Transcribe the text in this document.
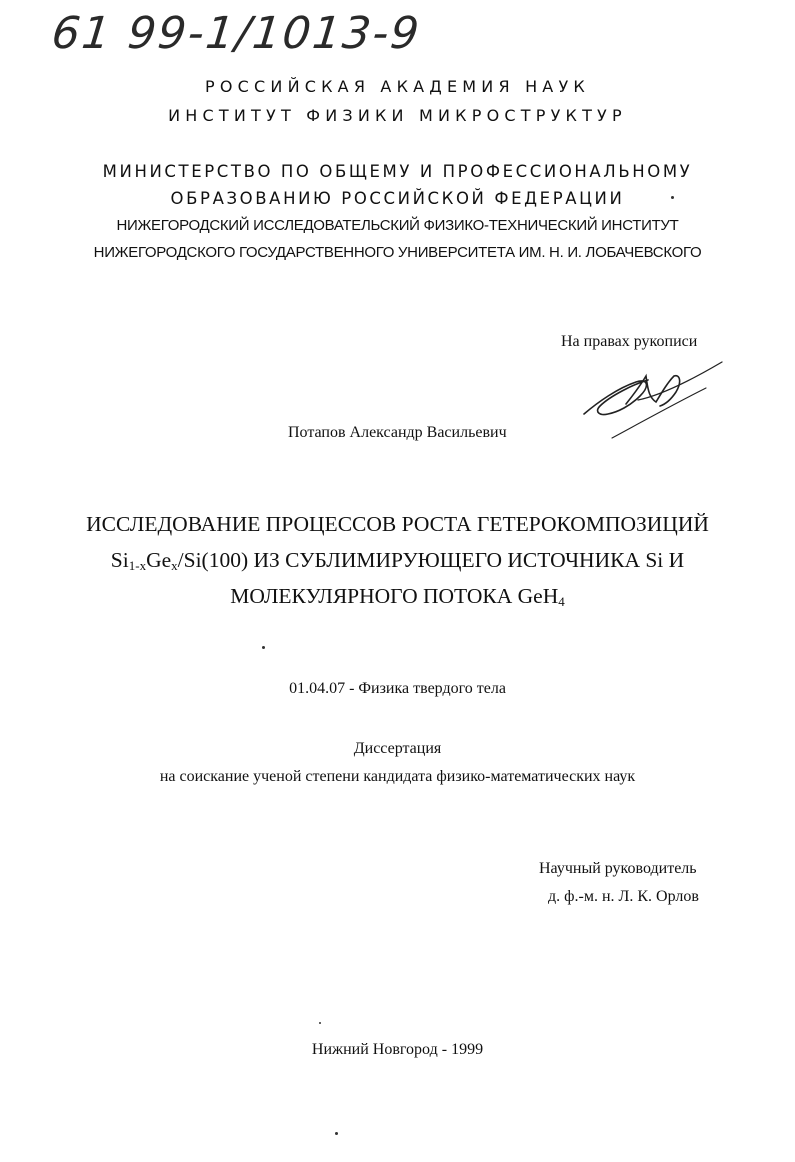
61 99-1/1013-9
РОССИЙСКАЯ АКАДЕМИЯ НАУК
ИНСТИТУТ ФИЗИКИ МИКРОСТРУКТУР
МИНИСТЕРСТВО ПО ОБЩЕМУ И ПРОФЕССИОНАЛЬНОМУ
ОБРАЗОВАНИЮ РОССИЙСКОЙ ФЕДЕРАЦИИ
НИЖЕГОРОДСКИЙ ИССЛЕДОВАТЕЛЬСКИЙ ФИЗИКО-ТЕХНИЧЕСКИЙ ИНСТИТУТ
НИЖЕГОРОДСКОГО ГОСУДАРСТВЕННОГО УНИВЕРСИТЕТА ИМ. Н. И. ЛОБАЧЕВСКОГО
На правах рукописи
Потапов Александр Васильевич
ИССЛЕДОВАНИЕ ПРОЦЕССОВ РОСТА ГЕТЕРОКОМПОЗИЦИЙ
$Si_{1-x}Ge_x/Si(100)$ ИЗ СУБЛИМИРУЮЩЕГО ИСТОЧНИКА Si И
МОЛЕКУЛЯРНОГО ПОТОКА GeH$_4$
01.04.07 - Физика твердого тела
Диссертация
на соискание ученой степени кандидата физико-математических наук
Научный руководитель
д. ф.-м. н. Л. К. Орлов
Нижний Новгород - 1999
